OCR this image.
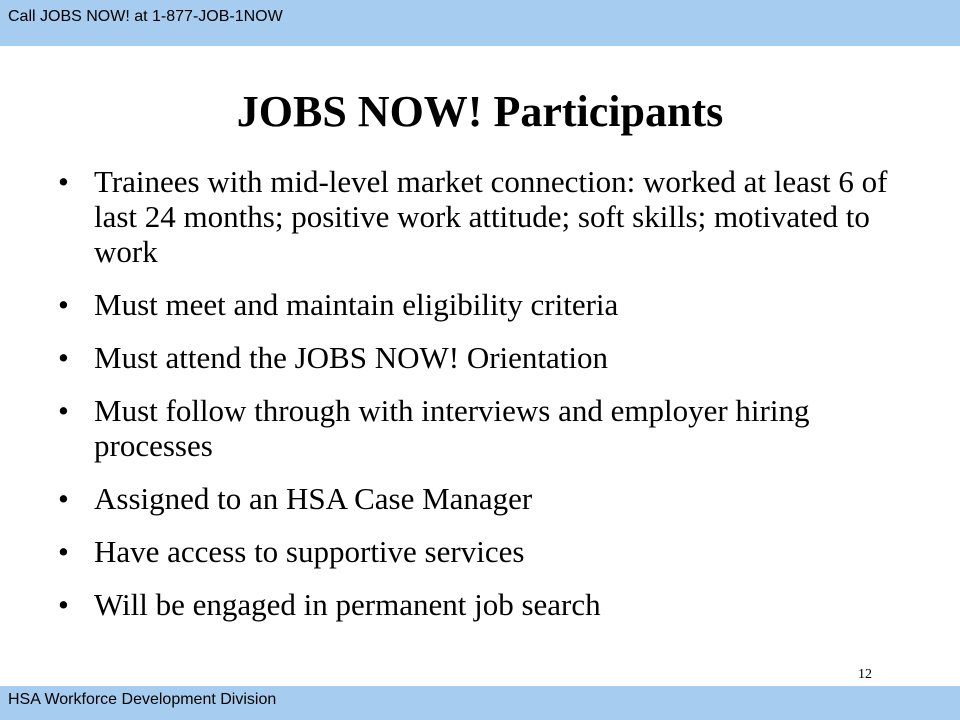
Call JOBS NOW! at 1-877-JOB-1NOW
JOBS NOW! Participants
• Trainees with mid-level market connection: worked at least 6 of last 24 months; positive work attitude; soft skills; motivated to work
• Must meet and maintain eligibility criteria
• Must attend the JOBS NOW! Orientation
• Must follow through with interviews and employer hiring processes
• Assigned to an HSA Case Manager
• Have access to supportive services
• Will be engaged in permanent job search
12
HSA Workforce Development Division
